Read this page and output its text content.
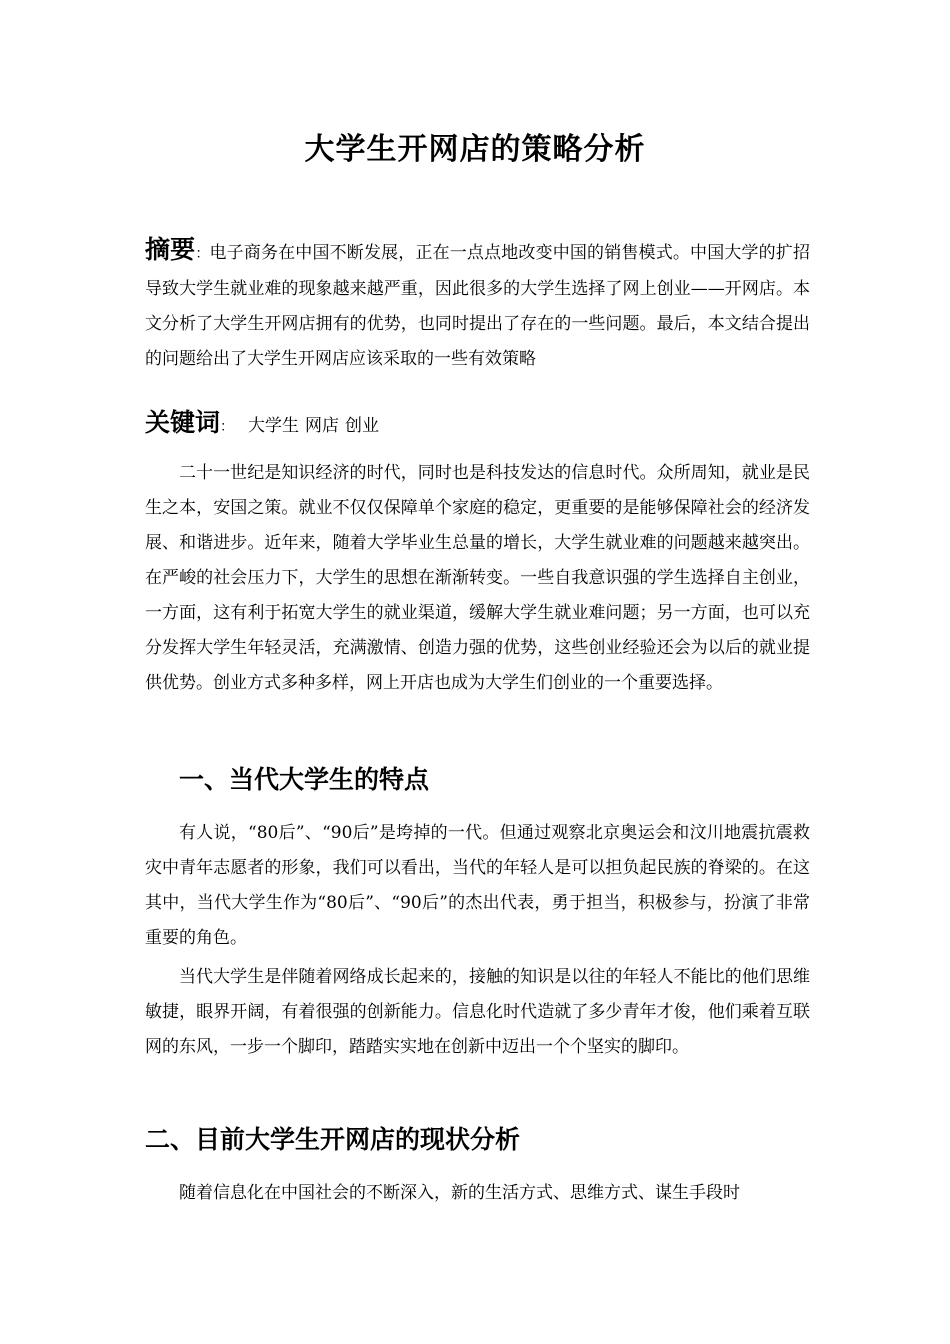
大学生开网店的策略分析
摘要：电子商务在中国不断发展，正在一点点地改变中国的销售模式。中国大学的扩招导致大学生就业难的现象越来越严重，因此很多的大学生选择了网上创业——开网店。本文分析了大学生开网店拥有的优势，也同时提出了存在的一些问题。最后，本文结合提出的问题给出了大学生开网店应该采取的一些有效策略
关键词： 大学生 网店 创业
二十一世纪是知识经济的时代，同时也是科技发达的信息时代。众所周知，就业是民生之本，安国之策。就业不仅仅保障单个家庭的稳定，更重要的是能够保障社会的经济发展、和谐进步。近年来，随着大学毕业生总量的增长，大学生就业难的问题越来越突出。在严峻的社会压力下，大学生的思想在渐渐转变。一些自我意识强的学生选择自主创业，一方面，这有利于拓宽大学生的就业渠道，缓解大学生就业难问题；另一方面，也可以充分发挥大学生年轻灵活，充满激情、创造力强的优势，这些创业经验还会为以后的就业提供优势。创业方式多种多样，网上开店也成为大学生们创业的一个重要选择。
一、当代大学生的特点
有人说，“80后”、“90后”是垮掉的一代。但通过观察北京奥运会和汶川地震抗震救灾中青年志愿者的形象，我们可以看出，当代的年轻人是可以担负起民族的脊梁的。在这其中，当代大学生作为“80后”、“90后”的杰出代表，勇于担当，积极参与，扮演了非常重要的角色。
当代大学生是伴随着网络成长起来的，接触的知识是以往的年轻人不能比的他们思维敏捷，眼界开阔，有着很强的创新能力。信息化时代造就了多少青年才俊，他们乘着互联网的东风，一步一个脚印，踏踏实实地在创新中迈出一个个坚实的脚印。
二、目前大学生开网店的现状分析
随着信息化在中国社会的不断深入，新的生活方式、思维方式、谋生手段时
